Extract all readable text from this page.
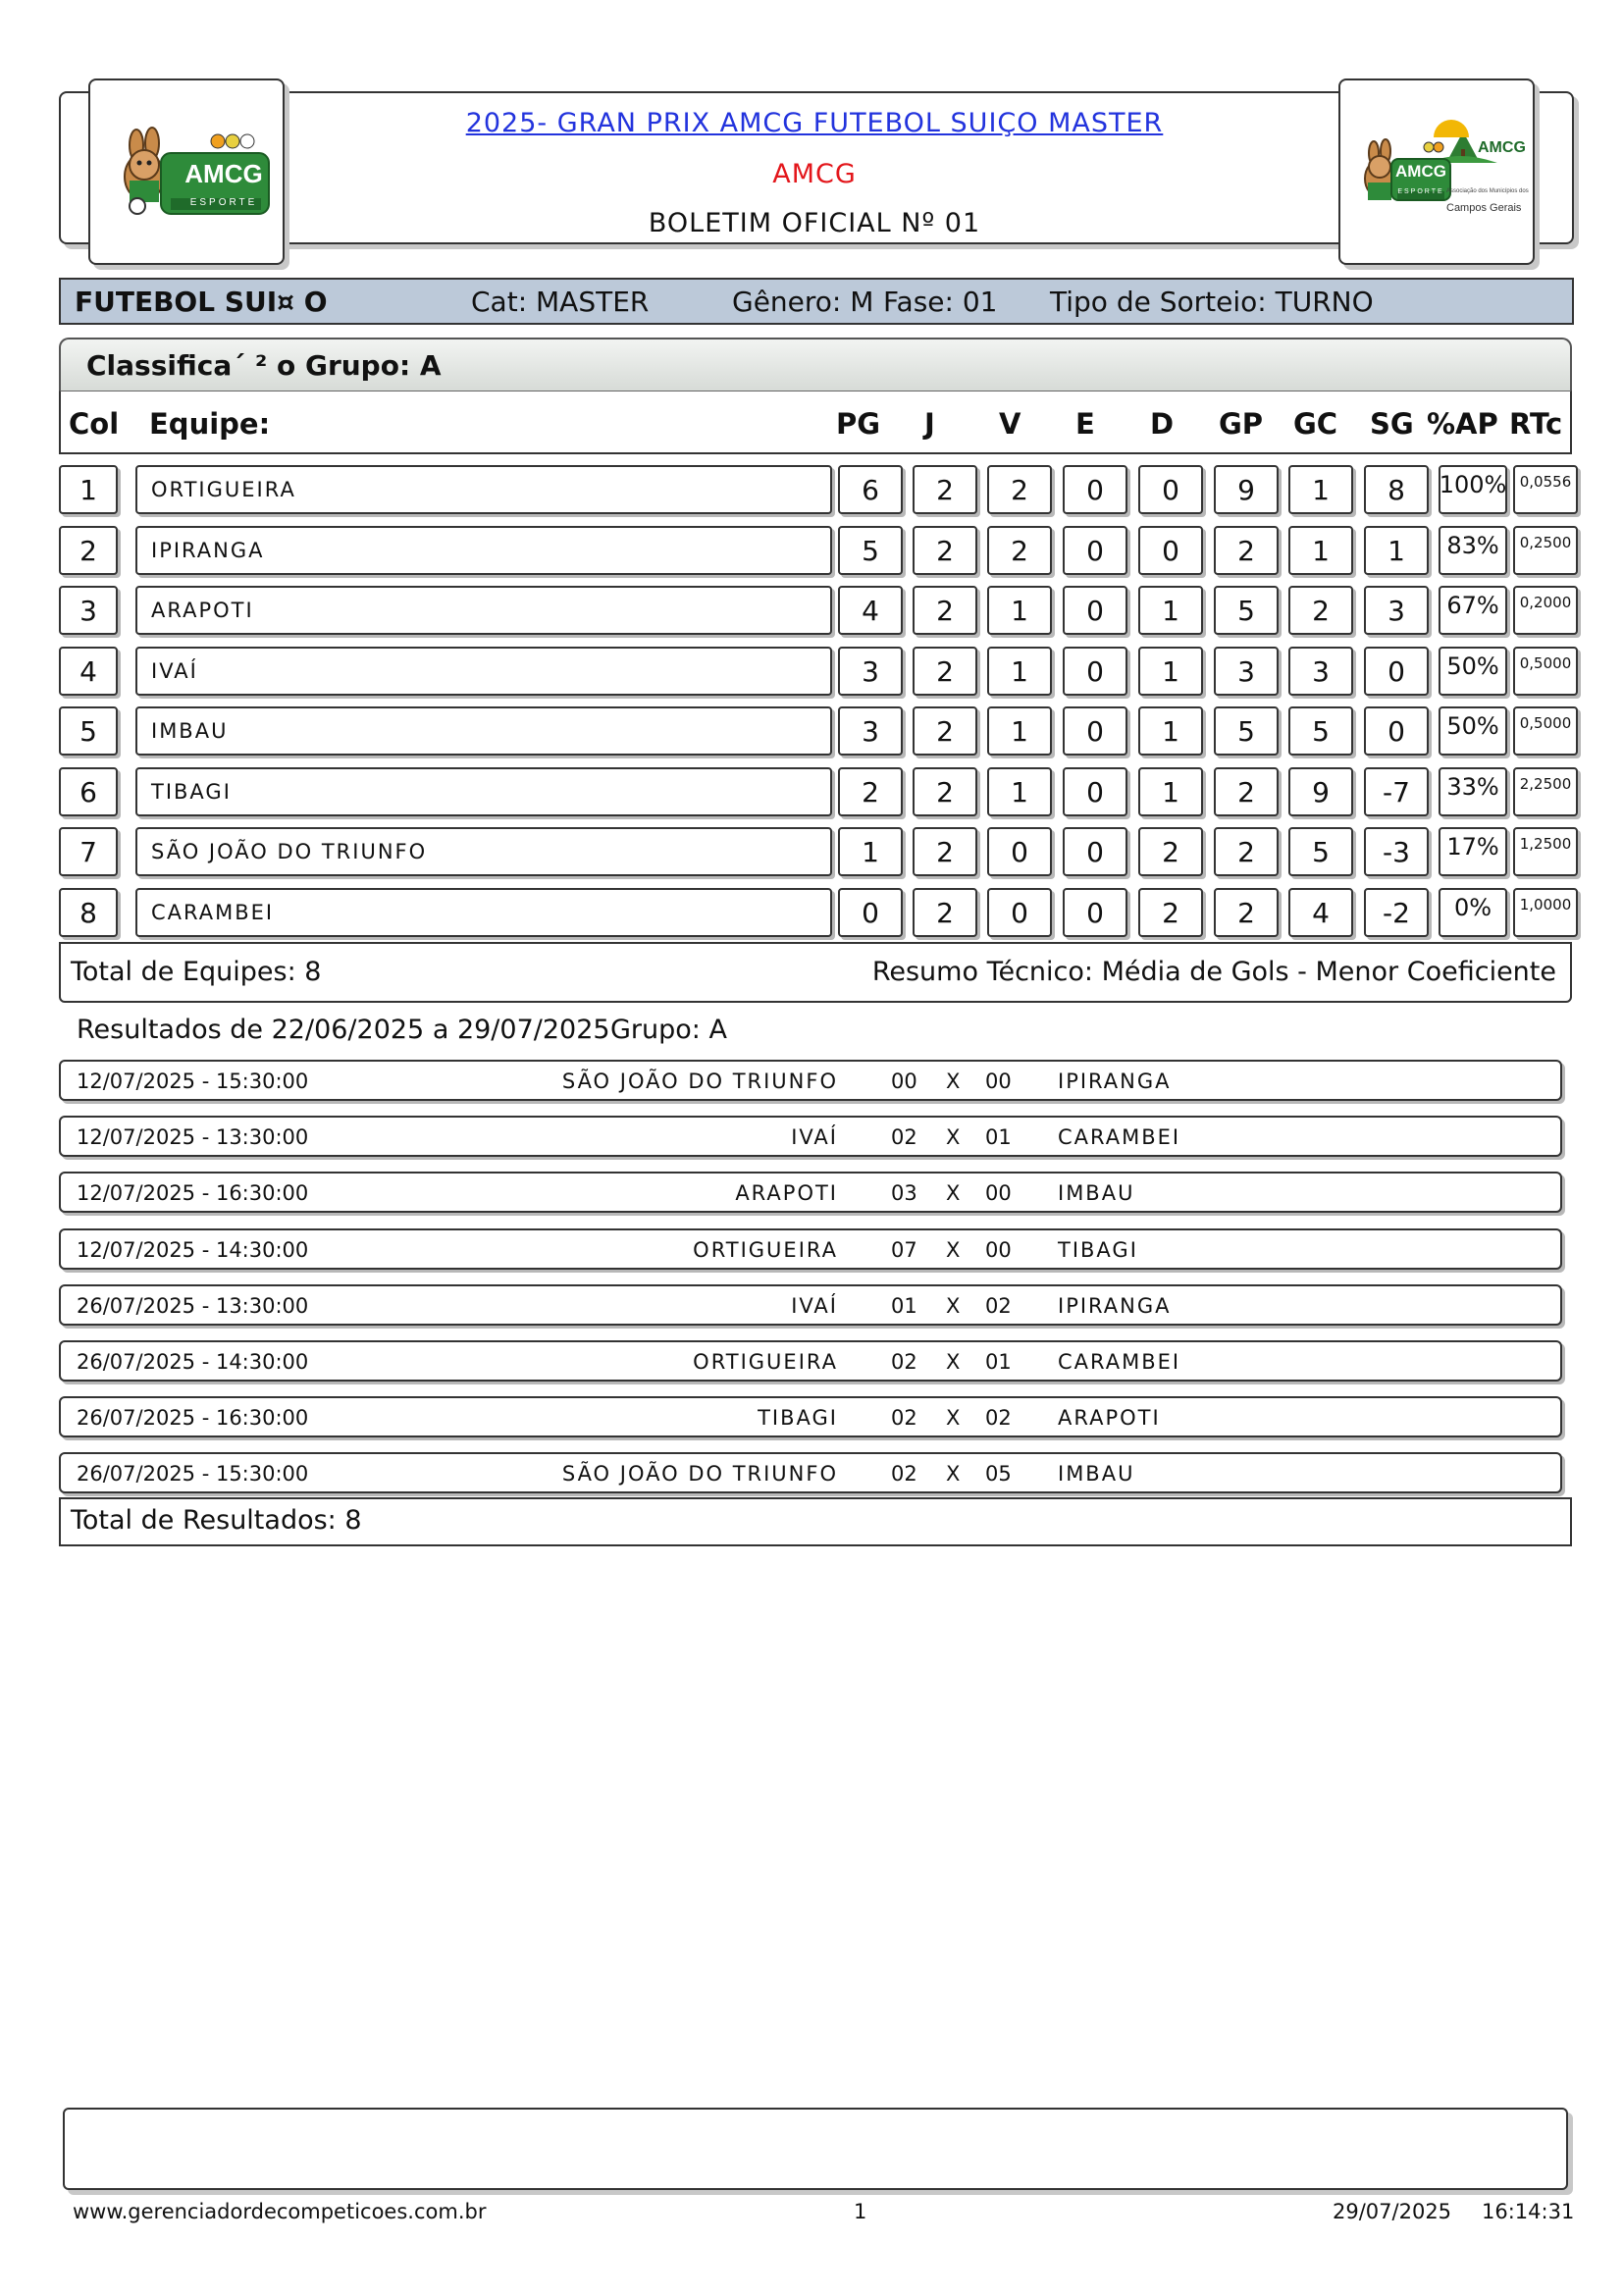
AMCG
ESPORTE
AMCG
ESPORTE
AMCG
Associação dos Municípios dos
Campos Gerais
2025- GRAN PRIX AMCG FUTEBOL SUIÇO MASTER
AMCG
BOLETIM OFICIAL Nº 01
FUTEBOL SUI¤ O	Cat: MASTER	Gênero: M Fase: 01 Tipo de Sorteio: TURNO
Classifica´ ² o Grupo: A
Col Equipe:	PG J V E D GP GC SG %AP RTc
1	ORTIGUEIRA	6	2	2	0	0	9	1	8	100% 0,0556
2	IPIRANGA	5	2	2	0	0	2	1	1	83%	0,2500
3	ARAPOTI	4	2	1	0	1	5	2	3	67%	0,2000
4	IVAÍ	3	2	1	0	1	3	3	0	50%	0,5000
5	IMBAU	3	2	1	0	1	5	5	0	50%	0,5000
6	TIBAGI	2	2	1	0	1	2	9	-7	33%	2,2500
7	SÃO JOÃO DO TRIUNFO	1	2	0	0	2	2	5	-3	17%	1,2500
8	CARAMBEI	0	2	0	0	2	2	4	-2	0%	1,0000
Total de Equipes: 8	Resumo Técnico: Média de Gols - Menor Coeficiente
Resultados de 22/06/2025 a 29/07/2025 Grupo: A
12/07/2025 - 15:30:00	SÃO JOÃO DO TRIUNFO	00 X 00 IPIRANGA
12/07/2025 - 13:30:00	IVAÍ	02 X 01 CARAMBEI
12/07/2025 - 16:30:00	ARAPOTI	03 X 00 IMBAU
12/07/2025 - 14:30:00	ORTIGUEIRA	07 X 00 TIBAGI
26/07/2025 - 13:30:00	IVAÍ	01 X 02 IPIRANGA
26/07/2025 - 14:30:00	ORTIGUEIRA	02 X 01 CARAMBEI
26/07/2025 - 16:30:00	TIBAGI	02 X 02 ARAPOTI
26/07/2025 - 15:30:00	SÃO JOÃO DO TRIUNFO	02 X 05 IMBAU
Total de Resultados: 8
www.gerenciadordecompeticoes.com.br	1	29/07/2025 16:14:31
